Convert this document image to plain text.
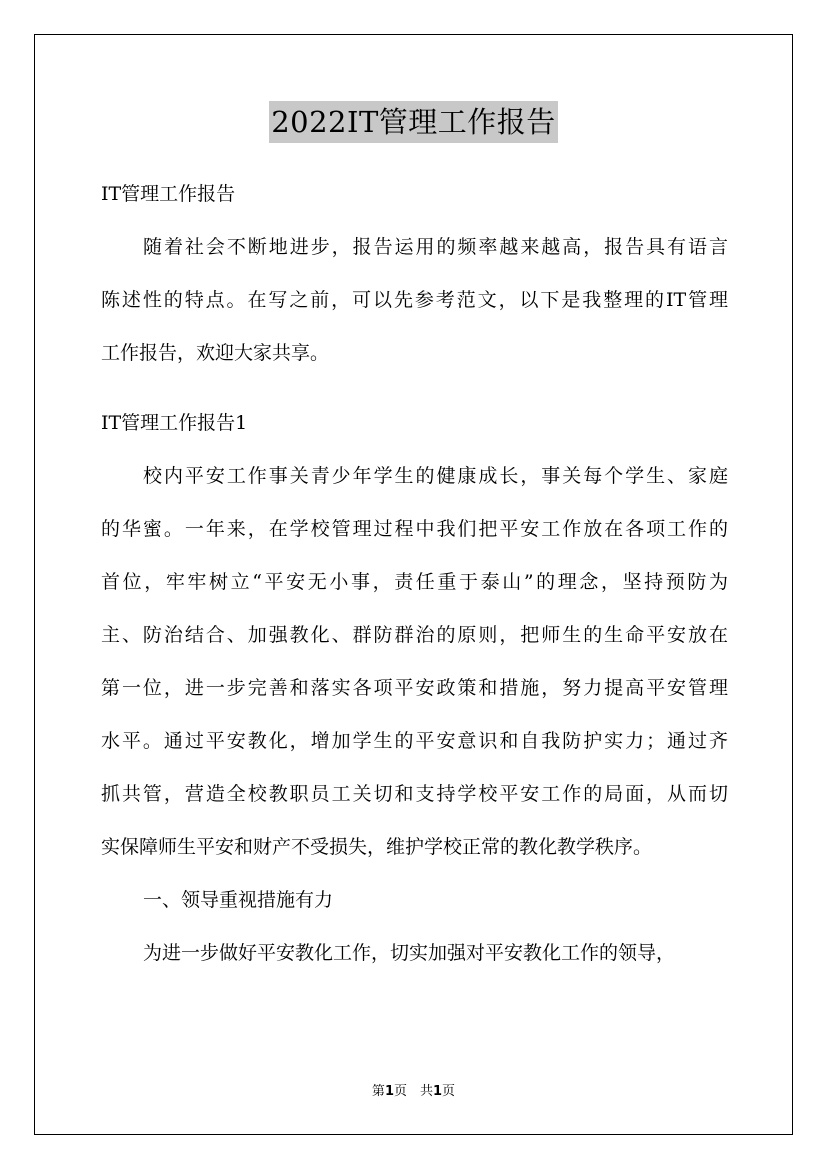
2022IT管理工作报告
IT管理工作报告
随着社会不断地进步，报告运用的频率越来越高，报告具有语言
陈述性的特点。在写之前，可以先参考范文，以下是我整理的IT管理
工作报告，欢迎大家共享。
IT管理工作报告1
校内平安工作事关青少年学生的健康成长，事关每个学生、家庭
的华蜜。一年来，在学校管理过程中我们把平安工作放在各项工作的
首位，牢牢树立“平安无小事，责任重于泰山”的理念，坚持预防为
主、防治结合、加强教化、群防群治的原则，把师生的生命平安放在
第一位，进一步完善和落实各项平安政策和措施，努力提高平安管理
水平。通过平安教化，增加学生的平安意识和自我防护实力；通过齐
抓共管，营造全校教职员工关切和支持学校平安工作的局面，从而切
实保障师生平安和财产不受损失，维护学校正常的教化教学秩序。
一、领导重视措施有力
为进一步做好平安教化工作，切实加强对平安教化工作的领导，
第1页　共1页
